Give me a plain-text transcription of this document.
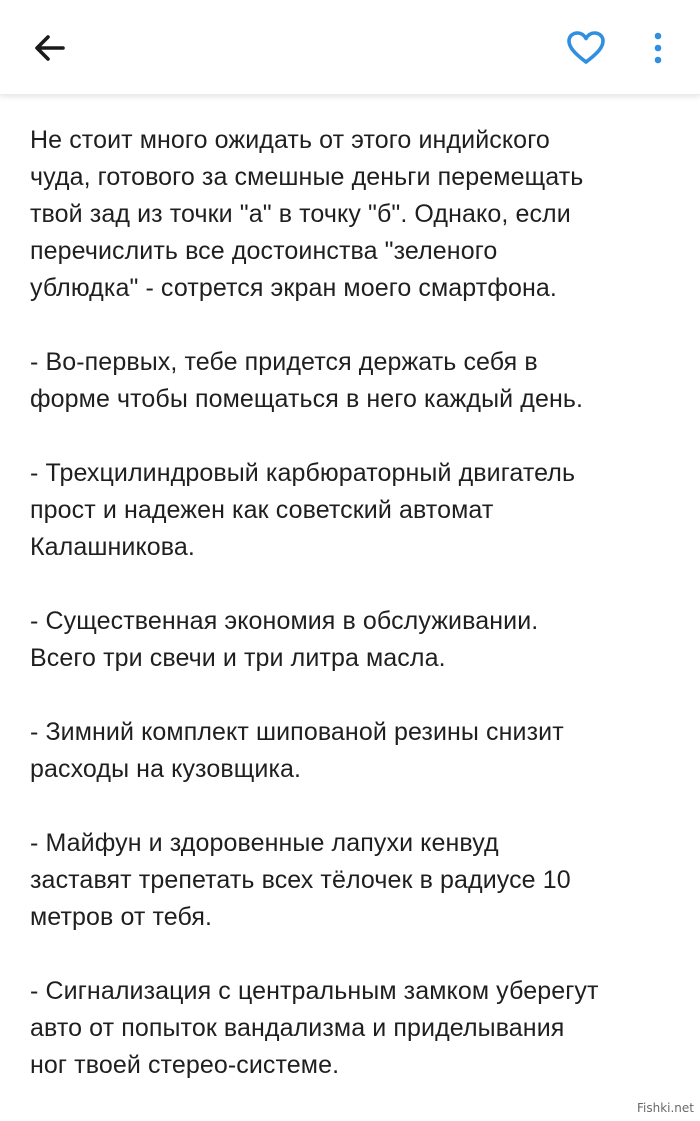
Не стоит много ожидать от этого индийского
чуда, готового за смешные деньги перемещать
твой зад из точки "а" в точку "б". Однако, если
перечислить все достоинства "зеленого
ублюдка" - сотрется экран моего смартфона.

- Во-первых, тебе придется держать себя в
форме чтобы помещаться в него каждый день.

- Трехцилиндровый карбюраторный двигатель
прост и надежен как советский автомат
Калашникова.

- Существенная экономия в обслуживании.
Всего три свечи и три литра масла.

- Зимний комплект шипованой резины снизит
расходы на кузовщика.

- Майфун и здоровенные лапухи кенвуд
заставят трепетать всех тёлочек в радиусе 10
метров от тебя.

- Сигнализация с центральным замком уберегут
авто от попыток вандализма и приделывания
ног твоей стерео-системе.

Fishki.net
